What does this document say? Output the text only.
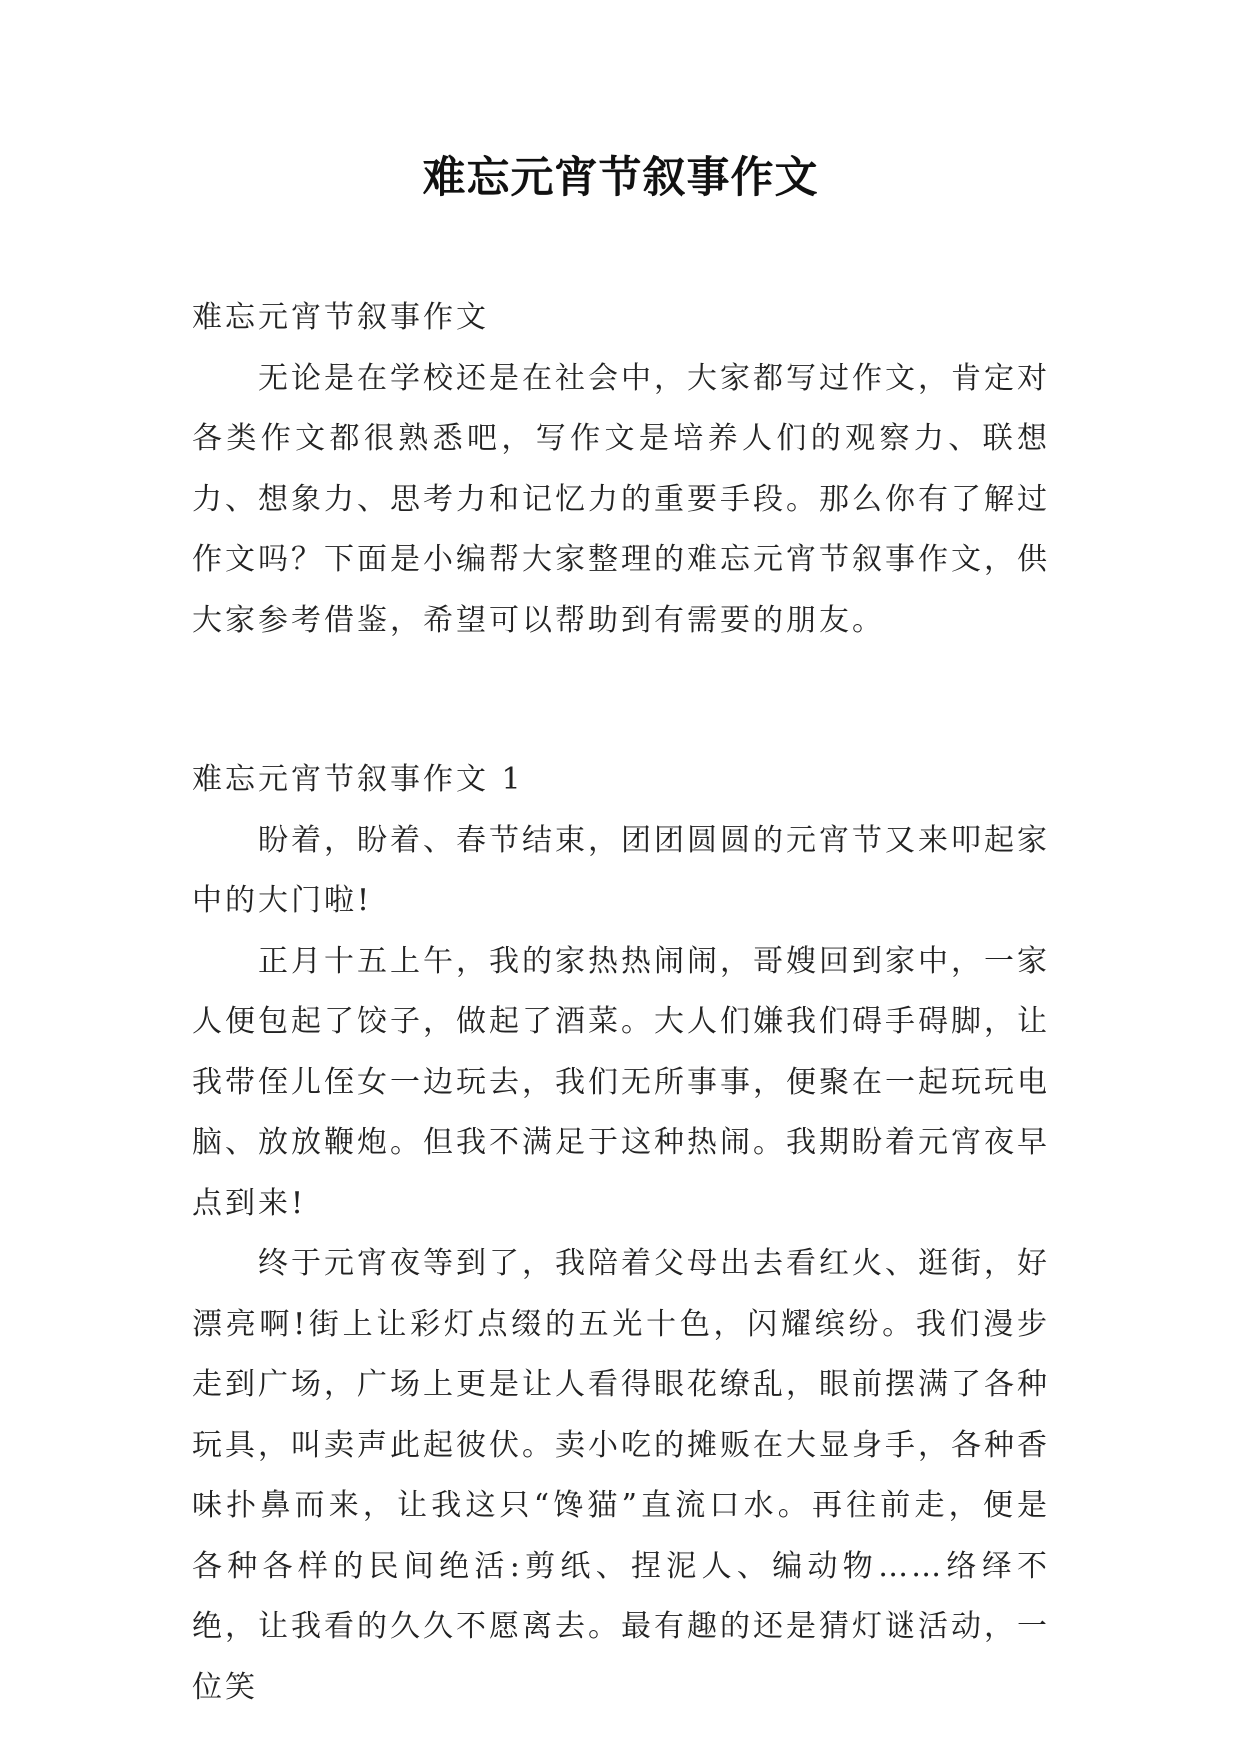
难忘元宵节叙事作文

难忘元宵节叙事作文

无论是在学校还是在社会中，大家都写过作文，肯定对各类作文都很熟悉吧，写作文是培养人们的观察力、联想力、想象力、思考力和记忆力的重要手段。那么你有了解过作文吗？下面是小编帮大家整理的难忘元宵节叙事作文，供大家参考借鉴，希望可以帮助到有需要的朋友。

难忘元宵节叙事作文 1

盼着，盼着、春节结束，团团圆圆的元宵节又来叩起家中的大门啦!

正月十五上午，我的家热热闹闹，哥嫂回到家中，一家人便包起了饺子，做起了酒菜。大人们嫌我们碍手碍脚，让我带侄儿侄女一边玩去，我们无所事事，便聚在一起玩玩电脑、放放鞭炮。但我不满足于这种热闹。我期盼着元宵夜早点到来!

终于元宵夜等到了，我陪着父母出去看红火、逛街，好漂亮啊!街上让彩灯点缀的五光十色，闪耀缤纷。我们漫步走到广场，广场上更是让人看得眼花缭乱，眼前摆满了各种玩具，叫卖声此起彼伏。卖小吃的摊贩在大显身手，各种香味扑鼻而来，让我这只“馋猫”直流口水。再往前走，便是各种各样的民间绝活:剪纸、捏泥人、编动物……络绎不绝，让我看的久久不愿离去。最有趣的还是猜灯谜活动，一位笑
